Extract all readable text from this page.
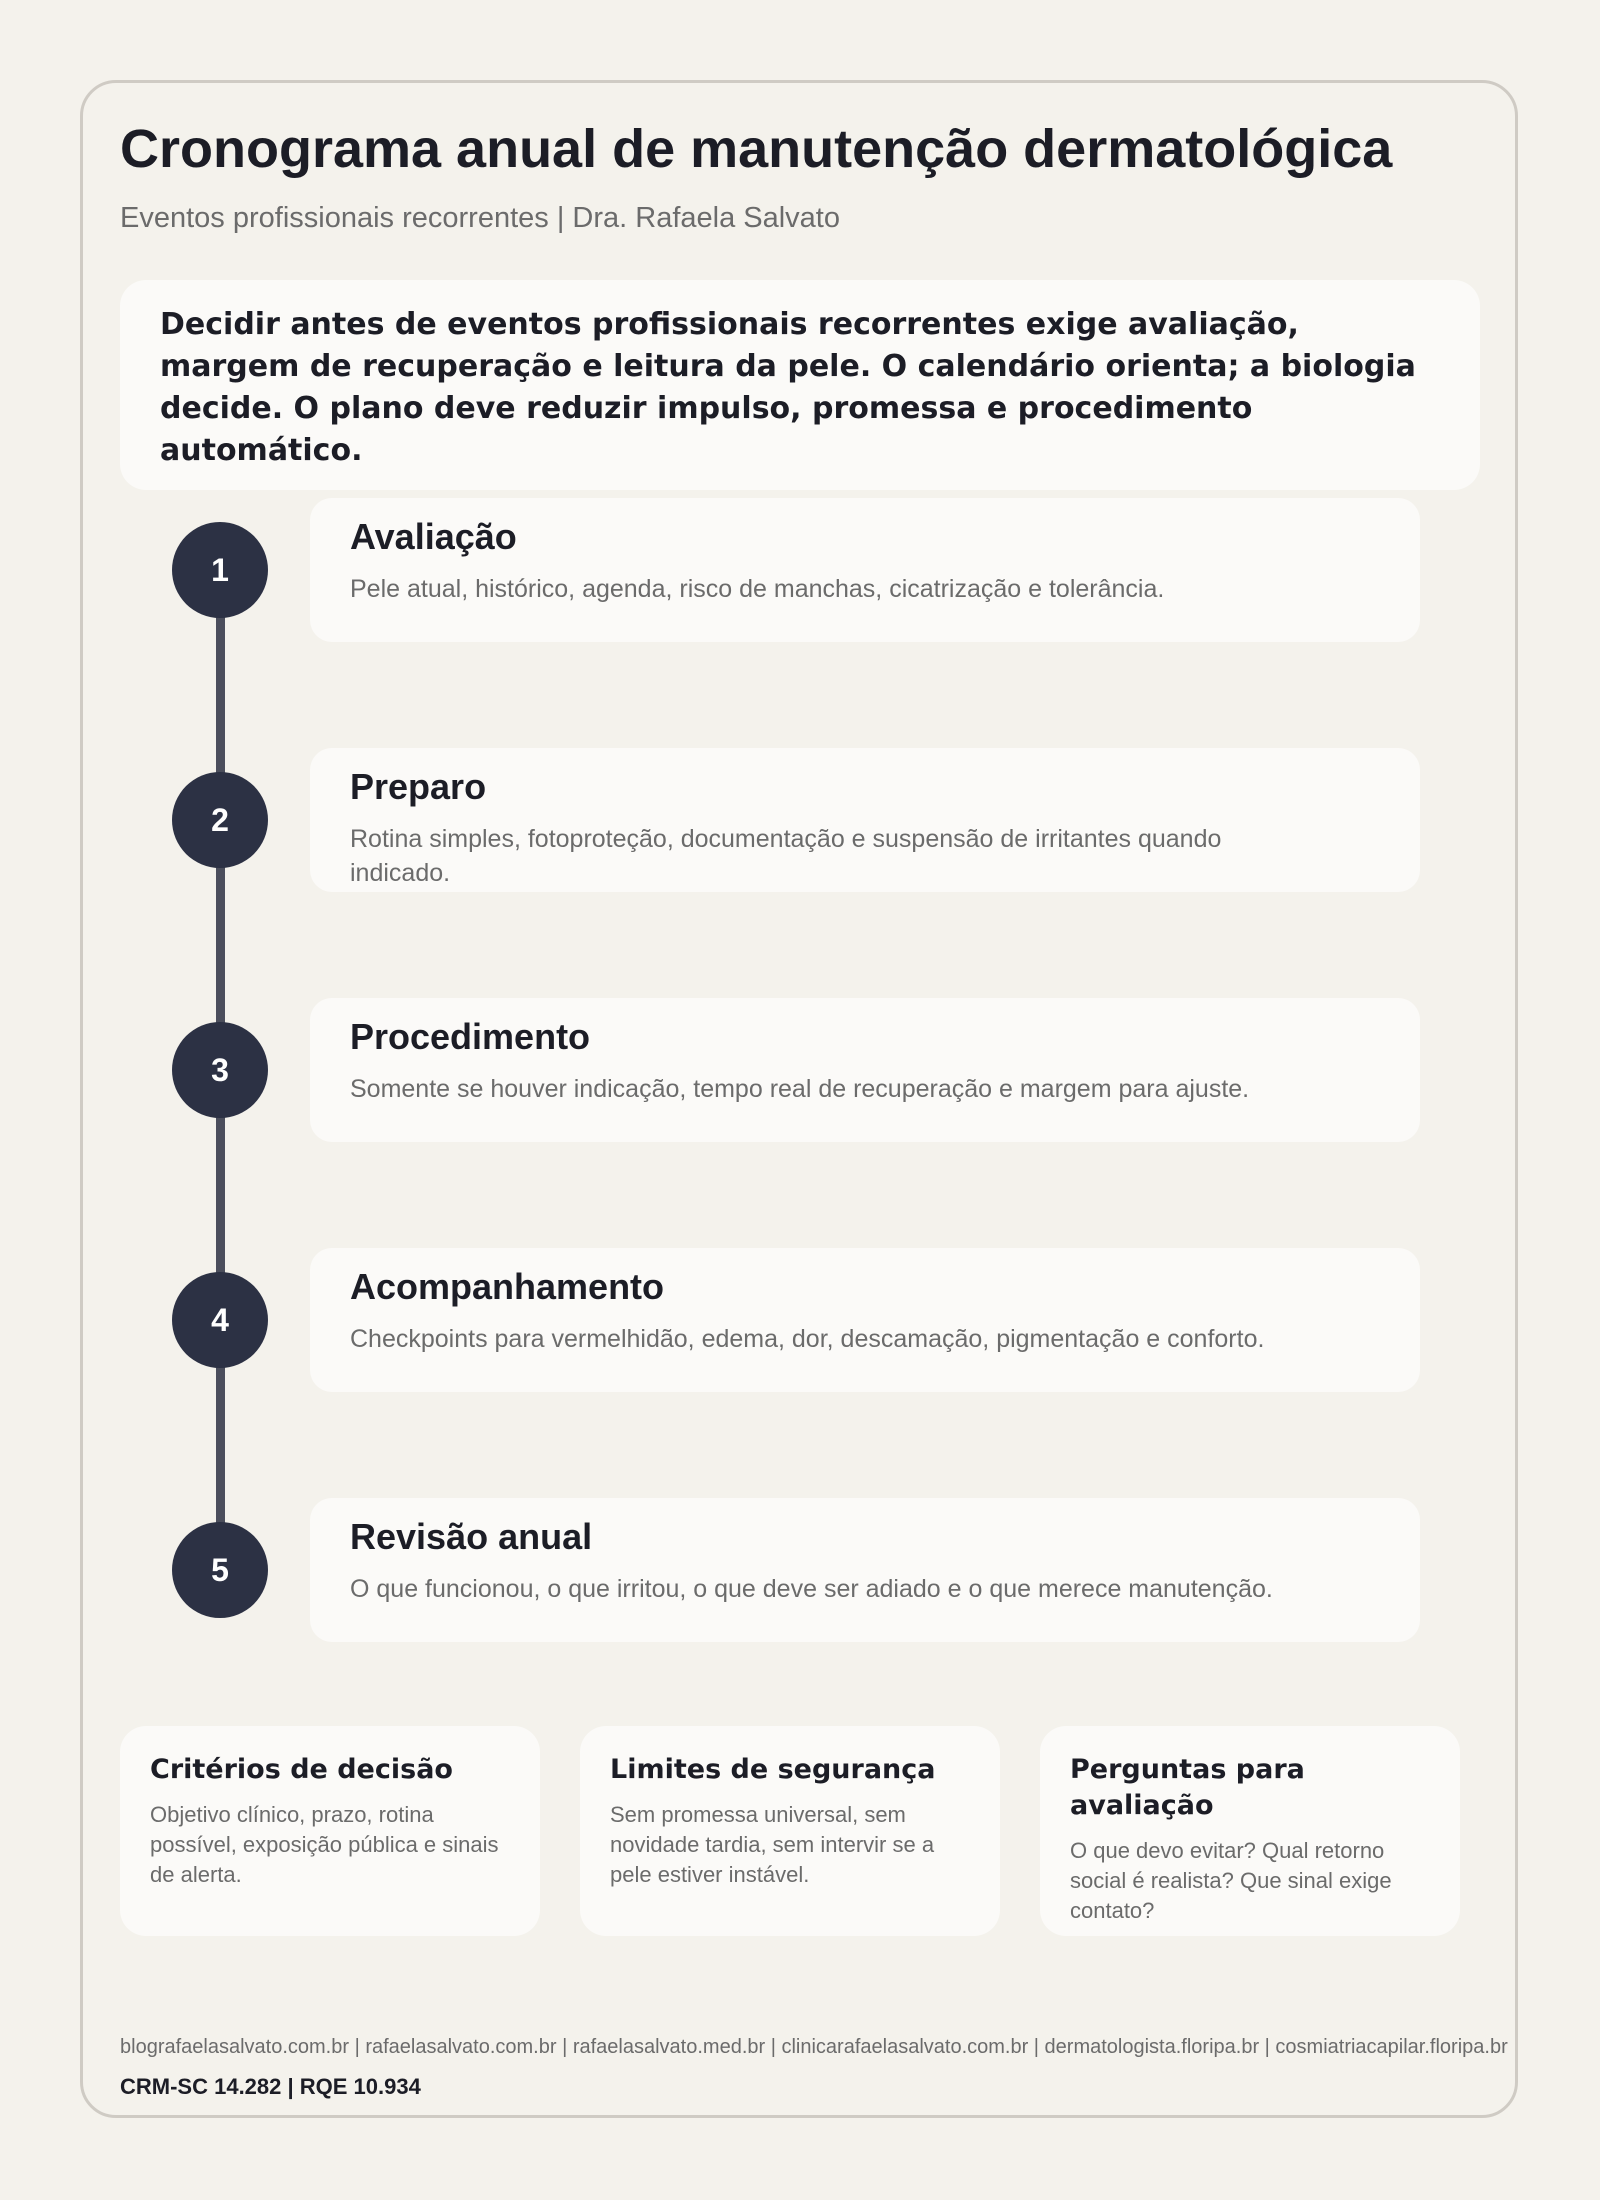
Cronograma anual de manutenção dermatológica

Eventos profissionais recorrentes | Dra. Rafaela Salvato

Decidir antes de eventos profissionais recorrentes exige avaliação, margem de recuperação e leitura da pele. O calendário orienta; a biologia decide. O plano deve reduzir impulso, promessa e procedimento automático.

1
Avaliação
Pele atual, histórico, agenda, risco de manchas, cicatrização e tolerância.
2
Preparo
Rotina simples, fotoproteção, documentação e suspensão de irritantes quando indicado.
3
Procedimento
Somente se houver indicação, tempo real de recuperação e margem para ajuste.
4
Acompanhamento
Checkpoints para vermelhidão, edema, dor, descamação, pigmentação e conforto.
5
Revisão anual
O que funcionou, o que irritou, o que deve ser adiado e o que merece manutenção.
Critérios de decisão
Objetivo clínico, prazo, rotina possível, exposição pública e sinais de alerta.
Limites de segurança
Sem promessa universal, sem novidade tardia, sem intervir se a pele estiver instável.
Perguntas para avaliação
O que devo evitar? Qual retorno social é realista? Que sinal exige contato?
blografaelasalvato.com.br | rafaelasalvato.com.br | rafaelasalvato.med.br | clinicarafaelasalvato.com.br | dermatologista.floripa.br | cosmiatriacapilar.floripa.br
CRM-SC 14.282 | RQE 10.934
